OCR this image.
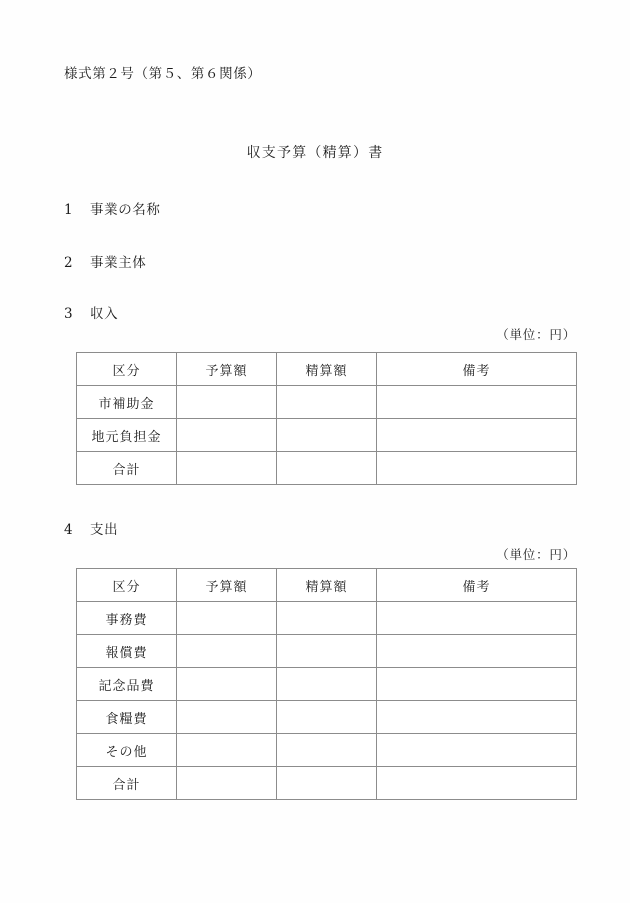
様式第２号（第５、第６関係）
収支予算（精算）書
1	事業の名称
2	事業主体
3	収入
（単位：円）
区分	予算額	精算額	備考
市補助金			
地元負担金			
合計			
4	支出
（単位：円）
区分	予算額	精算額	備考
事務費			
報償費			
記念品費			
食糧費			
その他			
合計			
